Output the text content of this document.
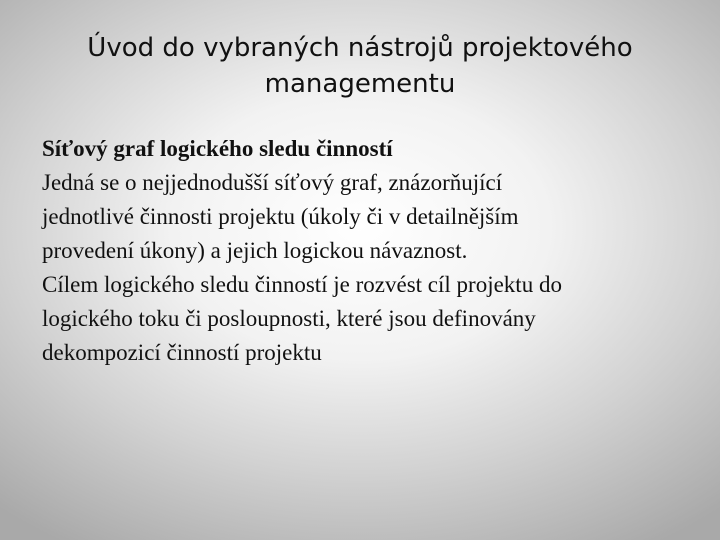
Úvod do vybraných nástrojů projektového
managementu

Síťový graf logického sledu činností

Jedná se o nejjednodušší síťový graf, znázorňující
jednotlivé činnosti projektu (úkoly či v detailnějším
provedení úkony) a jejich logickou návaznost.

Cílem logického sledu činností je rozvést cíl projektu do
logického toku či posloupnosti, které jsou definovány
dekompozicí činností projektu
